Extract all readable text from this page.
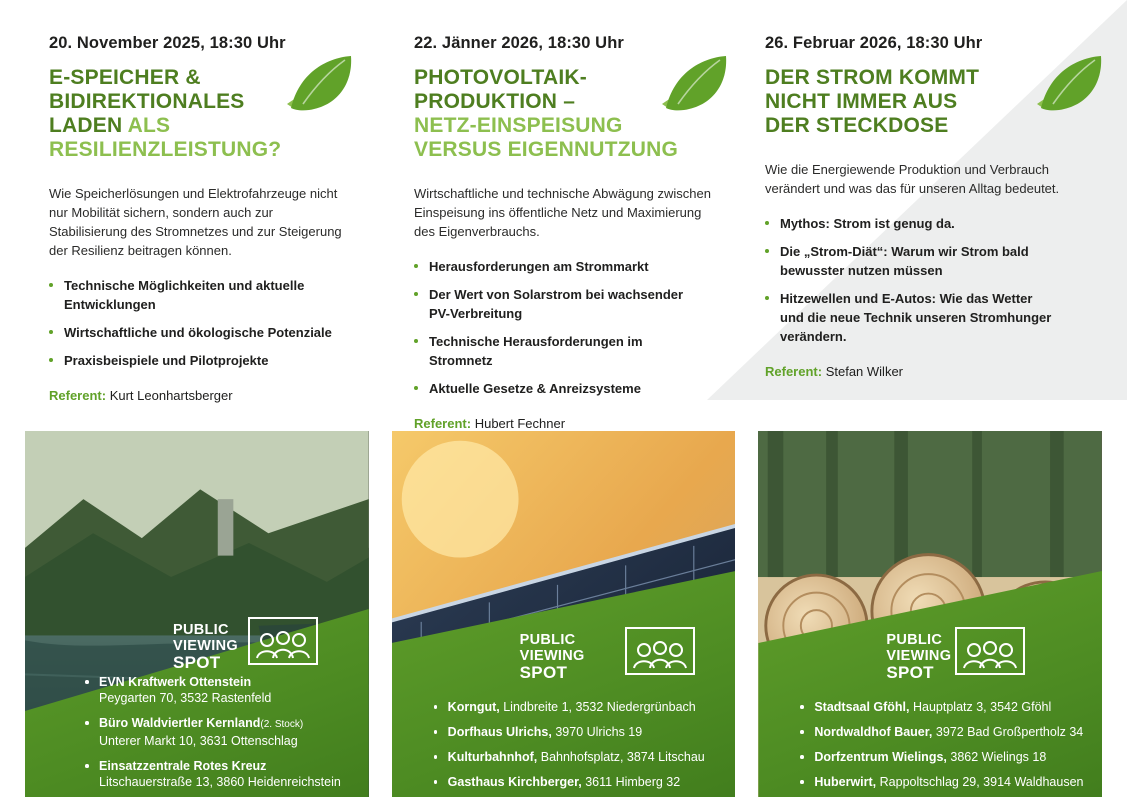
20. November 2025, 18:30 Uhr
E-SPEICHER &
BIDIREKTIONALES
LADEN ALS
RESILIENZLEISTUNG?
Wie Speicherlösungen und Elektrofahrzeuge nicht nur Mobilität sichern, sondern auch zur Stabilisierung des Stromnetzes und zur Steigerung der Resilienz beitragen können.
Technische Möglichkeiten und aktuelle Entwicklungen
Wirtschaftliche und ökologische Potenziale
Praxisbeispiele und Pilotprojekte
Referent: Kurt Leonhartsberger
22. Jänner 2026, 18:30 Uhr
PHOTOVOLTAIK-
PRODUKTION –
NETZ-EINSPEISUNG
VERSUS EIGENNUTZUNG
Wirtschaftliche und technische Abwägung zwischen Einspeisung ins öffentliche Netz und Maximierung des Eigenverbrauchs.
Herausforderungen am Strommarkt
Der Wert von Solarstrom bei wachsender PV-Verbreitung
Technische Herausforderungen im Stromnetz
Aktuelle Gesetze & Anreizsysteme
Referent: Hubert Fechner
26. Februar 2026, 18:30 Uhr
DER STROM KOMMT
NICHT IMMER AUS
DER STECKDOSE
Wie die Energiewende Produktion und Verbrauch verändert und was das für unseren Alltag bedeutet.
Mythos: Strom ist genug da.
Die „Strom-Diät“: Warum wir Strom bald bewusster nutzen müssen
Hitzewellen und E-Autos: Wie das Wetter und die neue Technik unseren Stromhunger verändern.
Referent: Stefan Wilker
PUBLIC
VIEWING
SPOT
EVN Kraftwerk Ottenstein
Peygarten 70, 3532 Rastenfeld
Büro Waldviertler Kernland(2. Stock)
Unterer Markt 10, 3631 Ottenschlag
Einsatzzentrale Rotes Kreuz
Litschauerstraße 13, 3860 Heidenreichstein
PUBLIC
VIEWING
SPOT
Korngut, Lindbreite 1, 3532 Niedergrünbach
Dorfhaus Ulrichs, 3970 Ulrichs 19
Kulturbahnhof, Bahnhofsplatz, 3874 Litschau
Gasthaus Kirchberger, 3611 Himberg 32
PUBLIC
VIEWING
SPOT
Stadtsaal Gföhl, Hauptplatz 3, 3542 Gföhl
Nordwaldhof Bauer, 3972 Bad Großpertholz 34
Dorfzentrum Wielings, 3862 Wielings 18
Huberwirt, Rappoltschlag 29, 3914 Waldhausen
